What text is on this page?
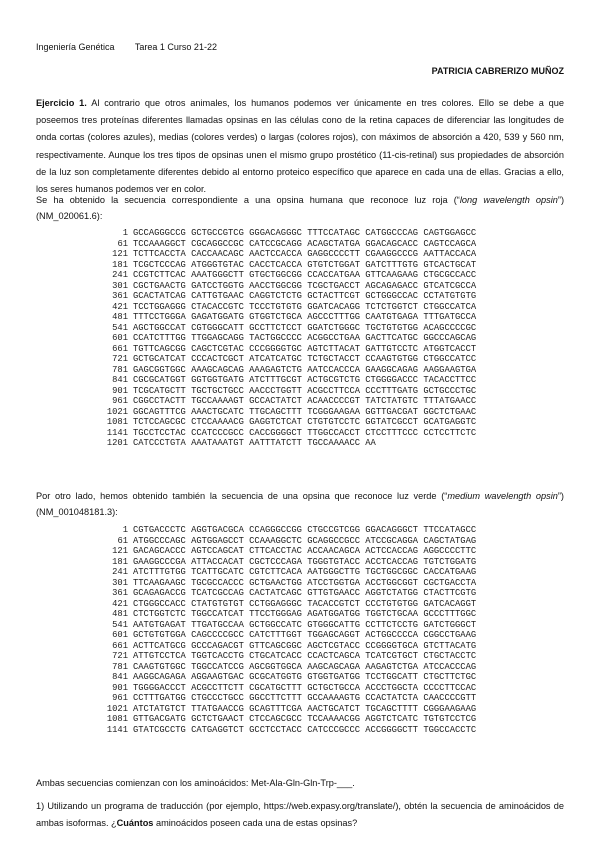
Ingeniería Genética Tarea 1 Curso 21-22
PATRICIA CABRERIZO MUÑOZ
Ejercicio 1. Al contrario que otros animales, los humanos podemos ver únicamente en tres colores. Ello se debe a que poseemos tres proteínas diferentes llamadas opsinas en las células cono de la retina capaces de diferenciar las longitudes de onda cortas (colores azules), medias (colores verdes) o largas (colores rojos), con máximos de absorción a 420, 539 y 560 nm, respectivamente. Aunque los tres tipos de opsinas unen el mismo grupo prostético (11-cis-retinal) sus propiedades de absorción de la luz son completamente diferentes debido al entorno proteico específico que aparece en cada una de ellas. Gracias a ello, los seres humanos podemos ver en color.
Se ha obtenido la secuencia correspondiente a una opsina humana que reconoce luz roja (“long wavelength opsin”) (NM_020061.6):
1 GCCAGGGCCG GCTGCCGTCG GGGACAGGGC TTTCCATAGC CATGGCCCAG CAGTGGAGCC
61 TCCAAAGGCT CGCAGGCCGC CATCCGCAGG ACAGCTATGA GGACAGCACC CAGTCCAGCA
121 TCTTCACCTA CACCAACAGC AACTCCACCA GAGGCCCCTT CGAAGGCCCG AATTACCACA
181 TCGCTCCCAG ATGGGTGTAC CACCTCACCA GTGTCTGGAT GATCTTTGTG GTCACTGCAT
241 CCGTCTTCAC AAATGGGCTT GTGCTGGCGG CCACCATGAA GTTCAAGAAG CTGCGCCACC
301 CGCTGAACTG GATCCTGGTG AACCTGGCGG TCGCTGACCT AGCAGAGACC GTCATCGCCA
361 GCACTATCAG CATTGTGAAC CAGGTCTCTG GCTACTTCGT GCTGGGCCAC CCTATGTGTG
421 TCCTGGAGGG CTACACCGTC TCCCTGTGTG GGATCACAGG TCTCTGGTCT CTGGCCATCA
481 TTTCCTGGGA GAGATGGATG GTGGTCTGCA AGCCCTTTGG CAATGTGAGA TTTGATGCCA
541 AGCTGGCCAT CGTGGGCATT GCCTTCTCCT GGATCTGGGC TGCTGTGTGG ACAGCCCCGC
601 CCATCTTTGG TTGGAGCAGG TACTGGCCCC ACGGCCTGAA GACTTCATGC GGCCCAGCAG
661 TGTTCAGCGG CAGCTCGTAC CCCGGGGTGC AGTCTTACAT GATTGTCCTC ATGGTCACCT
721 GCTGCATCAT CCCACTCGCT ATCATCATGC TCTGCTACCT CCAAGTGTGG CTGGCCATCC
781 GAGCGGTGGC AAAGCAGCAG AAAGAGTCTG AATCCACCCA GAAGGCAGAG AAGGAAGTGA
841 CGCGCATGGT GGTGGTGATG ATCTTTGCGT ACTGCGTCTG CTGGGGACCC TACACCTTCC
901 TCGCATGCTT TGCTGCTGCC AACCCTGGTT ACGCCTTCCA CCCTTTGATG GCTGCCCTGC
961 CGGCCTACTT TGCCAAAAGT GCCACTATCT ACAACCCCGT TATCTATGTC TTTATGAACC
1021 GGCAGTTTCG AAACTGCATC TTGCAGCTTT TCGGGAAGAA GGTTGACGAT GGCTCTGAAC
1081 TCTCCAGCGC CTCCAAAACG GAGGTCTCAT CTGTGTCCTC GGTATCGCCT GCATGAGGTC
1141 TGCCTCCTAC CCATCCCGCC CACCGGGGCT TTGGCCACCT CTCCTTTCCC CCTCCTTCTC
1201 CATCCCTGTA AAATAAATGT AATTTATCTT TGCCAAAACC AA
Por otro lado, hemos obtenido también la secuencia de una opsina que reconoce luz verde (“medium wavelength opsin”) (NM_001048181.3):
1 CGTGACCCTC AGGTGACGCA CCAGGGCCGG CTGCCGTCGG GGACAGGGCT TTCCATAGCC
61 ATGGCCCAGC AGTGGAGCCT CCAAAGGCTC GCAGGCCGCC ATCCGCAGGA CAGCTATGAG
121 GACAGCACCC AGTCCAGCAT CTTCACCTAC ACCAACAGCA ACTCCACCAG AGGCCCCTTC
181 GAAGGCCCGA ATTACCACAT CGCTCCCAGA TGGGTGTACC ACCTCACCAG TGTCTGGATG
241 ATCTTTGTGG TCATTGCATC CGTCTTCACA AATGGGCTTG TGCTGGCGGC CACCATGAAG
301 TTCAAGAAGC TGCGCCACCC GCTGAACTGG ATCCTGGTGA ACCTGGCGGT CGCTGACCTA
361 GCAGAGACCG TCATCGCCAG CACTATCAGC GTTGTGAACC AGGTCTATGG CTACTTCGTG
421 CTGGGCCACC CTATGTGTGT CCTGGAGGGC TACACCGTCT CCCTGTGTGG GATCACAGGT
481 CTCTGGTCTC TGGCCATCAT TTCCTGGGAG AGATGGATGG TGGTCTGCAA GCCCTTTGGC
541 AATGTGAGAT TTGATGCCAA GCTGGCCATC GTGGGCATTG CCTTCTCCTG GATCTGGGCT
601 GCTGTGTGGA CAGCCCCGCC CATCTTTGGT TGGAGCAGGT ACTGGCCCCA CGGCCTGAAG
661 ACTTCATGCG GCCCAGACGT GTTCAGCGGC AGCTCGTACC CCGGGGTGCA GTCTTACATG
721 ATTGTCCTCA TGGTCACCTG CTGCATCACC CCACTCAGCA TCATCGTGCT CTGCTACCTC
781 CAAGTGTGGC TGGCCATCCG AGCGGTGGCA AAGCAGCAGA AAGAGTCTGA ATCCACCCAG
841 AAGGCAGAGA AGGAAGTGAC GCGCATGGTG GTGGTGATGG TCCTGGCATT CTGCTTCTGC
901 TGGGGACCCT ACGCCTTCTT CGCATGCTTT GCTGCTGCCA ACCCTGGCTA CCCCTTCCAC
961 CCTTTGATGG CTGCCCTGCC GGCCTTCTTT GCCAAAAGTG CCACTATCTA CAACCCCGTT
1021 ATCTATGTCT TTATGAACCG GCAGTTTCGA AACTGCATCT TGCAGCTTTT CGGGAAGAAG
1081 GTTGACGATG GCTCTGAACT CTCCAGCGCC TCCAAAACGG AGGTCTCATC TGTGTCCTCG
1141 GTATCGCCTG CATGAGGTCT GCCTCCTACC CATCCCGCCC ACCGGGGCTT TGGCCACCTC
Ambas secuencias comienzan con los aminoácidos: Met-Ala-Gln-Gln-Trp-___.
1) Utilizando un programa de traducción (por ejemplo, https://web.expasy.org/translate/), obtén la secuencia de aminoácidos de ambas isoformas. ¿Cuántos aminoácidos poseen cada una de estas opsinas?
